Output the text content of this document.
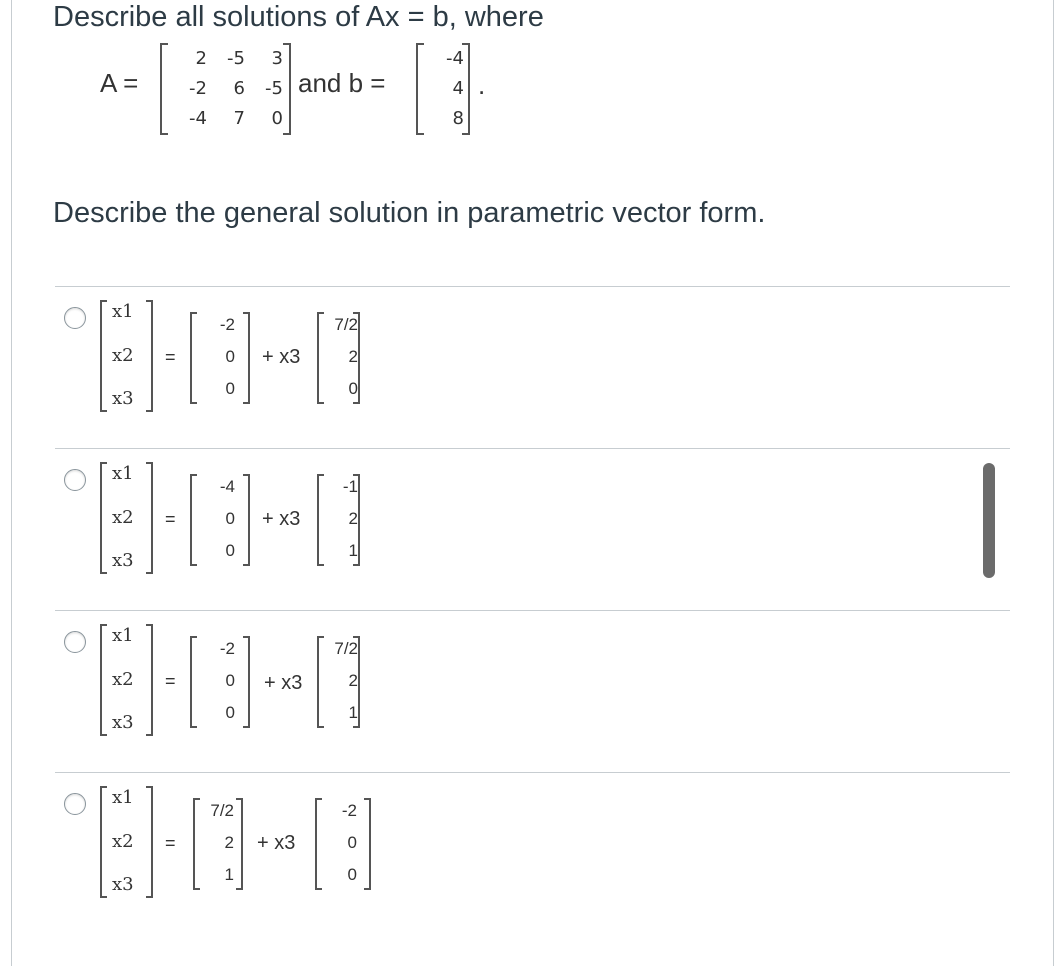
Describe all solutions of Ax = b, where
A =
2	-5	3
-2	6	-5
-4	7	0
and b =
-4
4
8
.
Describe the general solution in parametric vector form.
x1
x2
x3
=
-2
0
0
+ x3
7/2
2
0
x1
x2
x3
=
-4
0
0
+ x3
-1
2
1
x1
x2
x3
=
-2
0
0
+ x3
7/2
2
1
x1
x2
x3
=
7/2
2
1
+ x3
-2
0
0
